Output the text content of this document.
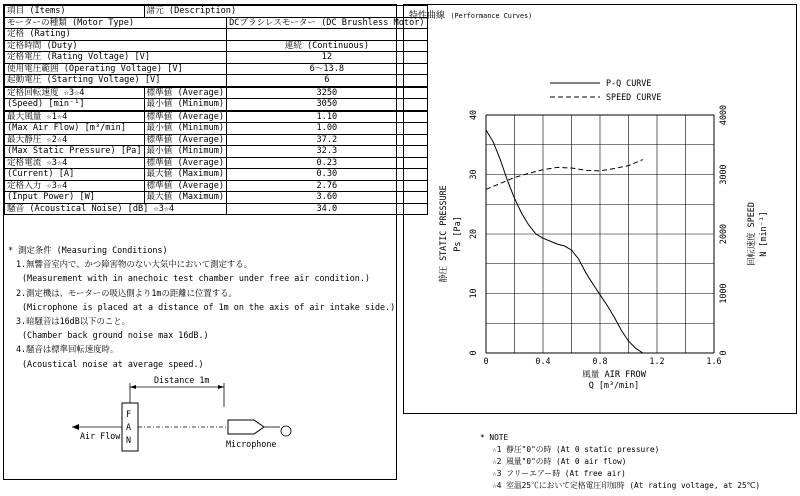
項目 (Items)	諸元 (Description)	
モーターの種類 (Motor Type)		DCブラシレスモーター (DC Brushless Motor)
定格 (Rating)		
定格時間 (Duty)		連続 (Continuous)
定格電圧 (Rating Voltage) [V]		12
使用電圧範囲 (Operating Voltage) [V]		6～13.8
起動電圧 (Starting Voltage) [V]		6
定格回転速度 ☆3☆4	標準値 (Average)	3250
(Speed) [min⁻¹]	最小値 (Minimum)	3050
最大風量 ☆1☆4	標準値 (Average)	1.10
(Max Air Flow) [m³/min]	最小値 (Minimum)	1.00
最大静圧 ☆2☆4	標準値 (Average)	37.2
(Max Static Pressure) [Pa]	最小値 (Minimum)	32.3
定格電流 ☆3☆4	標準値 (Average)	0.23
(Current) [A]	最大値 (Maximum)	0.30
定格入力 ☆3☆4	標準値 (Average)	2.76
(Input Power) [W]	最大値 (Maximum)	3.60
騒音 (Acoustical Noise) [dB] ☆3☆4		34.0
* 測定条件 (Measuring Conditions)
1.無響音室内で、かつ障害物のない大気中において測定する。
(Measurement with in anechoic test chamber under free air condition.)
2.測定機は、モーターの吸込側より1mの距離に位置する。
(Microphone is placed at a distance of 1m on the axis of air intake side.)
3.暗騒音は16dB以下のこと。
(Chamber back ground noise max 16dB.)
4.騒音は標準回転速度時。
(Acoustical noise at average speed.)
Distance 1m
F
A
N
Air Flow
Microphone
特性曲線 (Performance Curves)
0	0.4	0.8	1.2	1.6
0
10
20
30
40
0
1000
2000
3000
4000
P-Q CURVE
SPEED CURVE
静圧 STATIC PRESSURE Ps [Pa]	回転速度 SPEED N [min⁻¹]
風量 AIR FROW
Q [m³/min]
* NOTE
☆1 静圧"0"の時 (At 0 static pressure)
☆2 風量"0"の時 (At 0 air flow)
☆3 フリーエアー時 (At free air)
☆4 室温25℃において定格電圧印加時 (At rating voltage, at 25℃)
